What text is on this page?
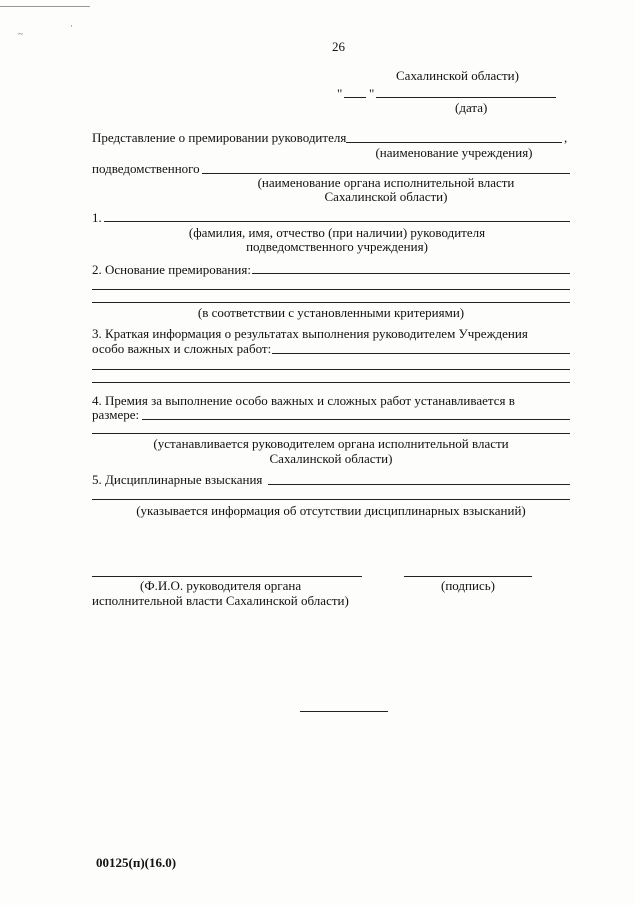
~
·
26
Сахалинской области)
" "
(дата)
Представление о премировании руководителя	,
(наименование учреждения)
подведомственного
(наименование органа исполнительной власти
Сахалинской области)
1.
(фамилия, имя, отчество (при наличии) руководителя
подведомственного учреждения)
2. Основание премирования:
(в соответствии с установленными критериями)
3. Краткая информация о результатах выполнения руководителем Учреждения
особо важных и сложных работ:
4. Премия за выполнение особо важных и сложных работ устанавливается в
размере:
(устанавливается руководителем органа исполнительной власти
Сахалинской области)
5. Дисциплинарные взыскания
(указывается информация об отсутствии дисциплинарных взысканий)
(Ф.И.О. руководителя органа
исполнительной власти Сахалинской области)
(подпись)
00125(п)(16.0)
